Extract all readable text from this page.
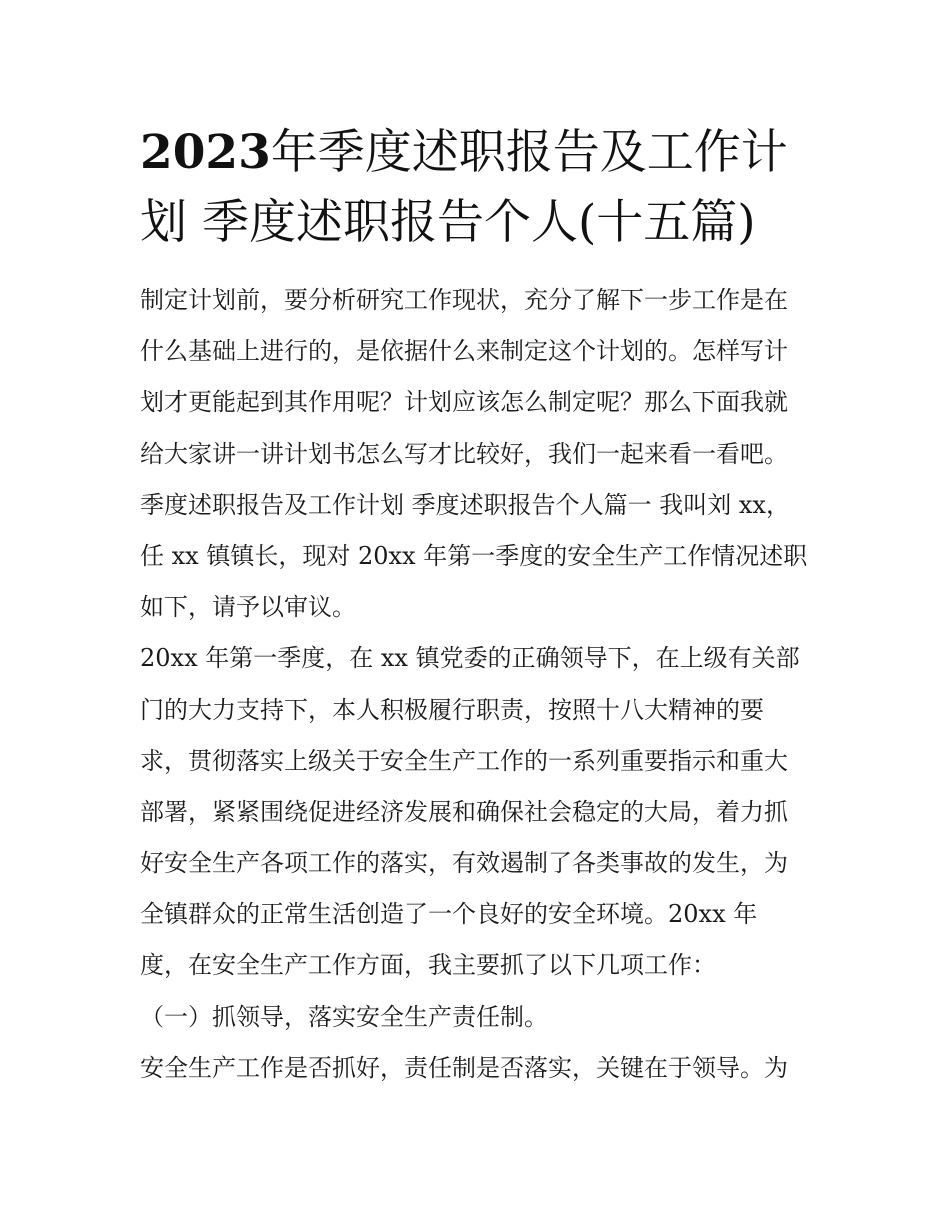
2023年季度述职报告及工作计
划 季度述职报告个人(十五篇)
制定计划前，要分析研究工作现状，充分了解下一步工作是在
什么基础上进行的，是依据什么来制定这个计划的。怎样写计
划才更能起到其作用呢？计划应该怎么制定呢？那么下面我就
给大家讲一讲计划书怎么写才比较好，我们一起来看一看吧。
季度述职报告及工作计划 季度述职报告个人篇一 我叫刘 xx，
任 xx 镇镇长，现对 20xx 年第一季度的安全生产工作情况述职
如下，请予以审议。
20xx 年第一季度，在 xx 镇党委的正确领导下，在上级有关部
门的大力支持下，本人积极履行职责，按照十八大精神的要
求，贯彻落实上级关于安全生产工作的一系列重要指示和重大
部署，紧紧围绕促进经济发展和确保社会稳定的大局，着力抓
好安全生产各项工作的落实，有效遏制了各类事故的发生，为
全镇群众的正常生活创造了一个良好的安全环境。20xx 年
度，在安全生产工作方面，我主要抓了以下几项工作：
（一）抓领导，落实安全生产责任制。
安全生产工作是否抓好，责任制是否落实，关键在于领导。为
